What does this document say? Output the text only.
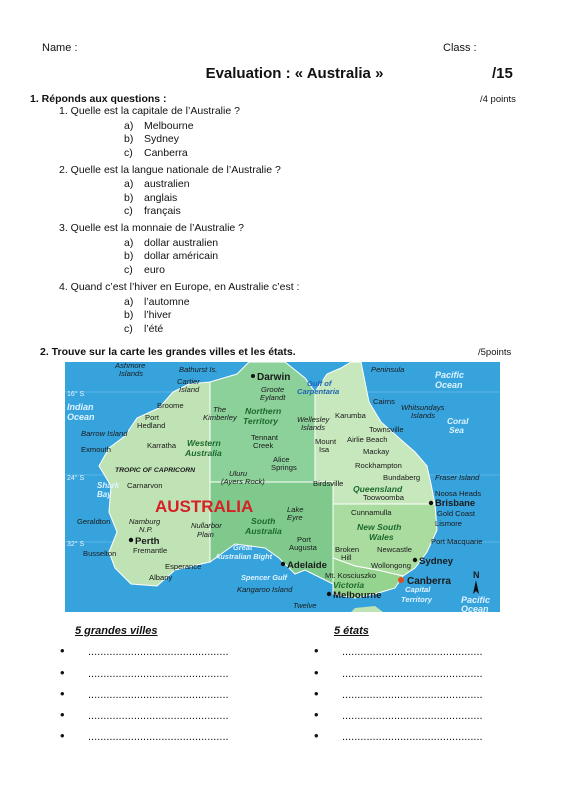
Name :	Class :
Evaluation : « Australia »	/15
1. Réponds aux questions :	/4 points
1. Quelle est la capitale de l’Australie ?
a) Melbourne
b) Sydney
c) Canberra
2. Quelle est la langue nationale de l’Australie ?
a) australien
b) anglais
c) français
3. Quelle est la monnaie de l’Australie ?
a) dollar australien
b) dollar américain
c) euro
4. Quand c’est l’hiver en Europe, en Australie c’est :
a) l’automne
b) l’hiver
c) l’été
2. Trouve sur la carte les grandes villes et les états.	/5points
Ashmore
Islands	Bathurst Is.
Cartier
Island
Darwin
Groote
Eylandt
Gulf of
Carpentaria
Peninsula
Pacific
Ocean
16° S
Indian
Ocean
Broome	The
Kimberley
Northern
Territory
Karumba
Cairns
Wellesley
Islands
Whitsundays
Islands
Townsville
Port
Hedland	Coral
Sea
Barrow Island	Tennant
Creek	Mount
Isa
Airlie Beach
Karratha Western
Australia
Exmouth	Mackay
Alice
Springs
TROPIC OF CAPRICORN
Rockhampton
Uluru
(Ayers Rock)	Birdsville
24° S	Bundaberg Fraser Island
Shark
Bay
Carnarvon	Queensland	Noosa Heads
Toowoomba	Brisbane
AUSTRALIA	Cunnamulla	Gold Coast
Lake
Eyre
Geraldton Namburg
N.P.	Nullarbor
Plain
South
Australia
Lismore
New South
Wales
32° S	Perth	Port
Augusta
Port Macquarie
Fremantle	Great
Australian Bight
Broken
Hill
Newcastle
Busselton
Sydney
Esperance	Adelaide	Wollongong
Albany	Spencer Gulf	Mt. Kosciuszko
Canberra
N
Victoria
Kangaroo Island	Capital
Melbourne	Territory	Pacific
Ocean
Twelve
5 grandes villes	5 états
• ..............................................
• ..............................................
• ..............................................
• ..............................................
• ..............................................
• ..............................................
• ..............................................
• ..............................................
• ..............................................
• ..............................................
